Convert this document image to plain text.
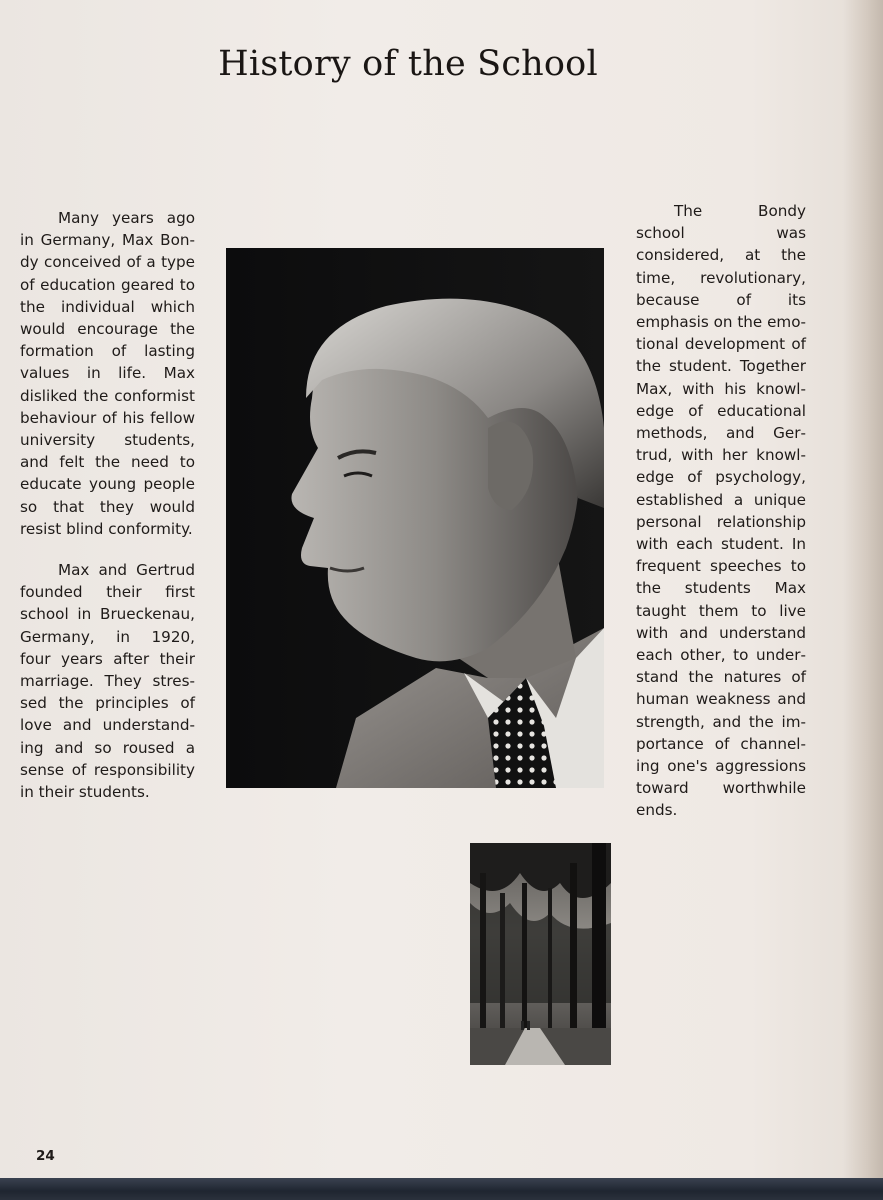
History of the School

Many years ago in Germany, Max Bondy conceived of a type of education geared to the individual which would encourage the formation of lasting values in life. Max disliked the conformist behaviour of his fellow university students, and felt the need to educate young people so that they would resist blind conformity.

Max and Gertrud founded their first school in Brueckenau, Germany, in 1920, four years after their marriage. They stressed the principles of love and understanding and so roused a sense of responsibility in their students.

The Bondy school was considered, at the time, revolutionary, because of its emphasis on the emotional development of the student. Together Max, with his knowledge of educational methods, and Gertrud, with her knowledge of psychology, established a unique personal relationship with each student. In frequent speeches to the students Max taught them to live with and understand each other, to understand the natures of human weakness and strength, and the importance of channeling one's aggressions toward worthwhile ends.

24
